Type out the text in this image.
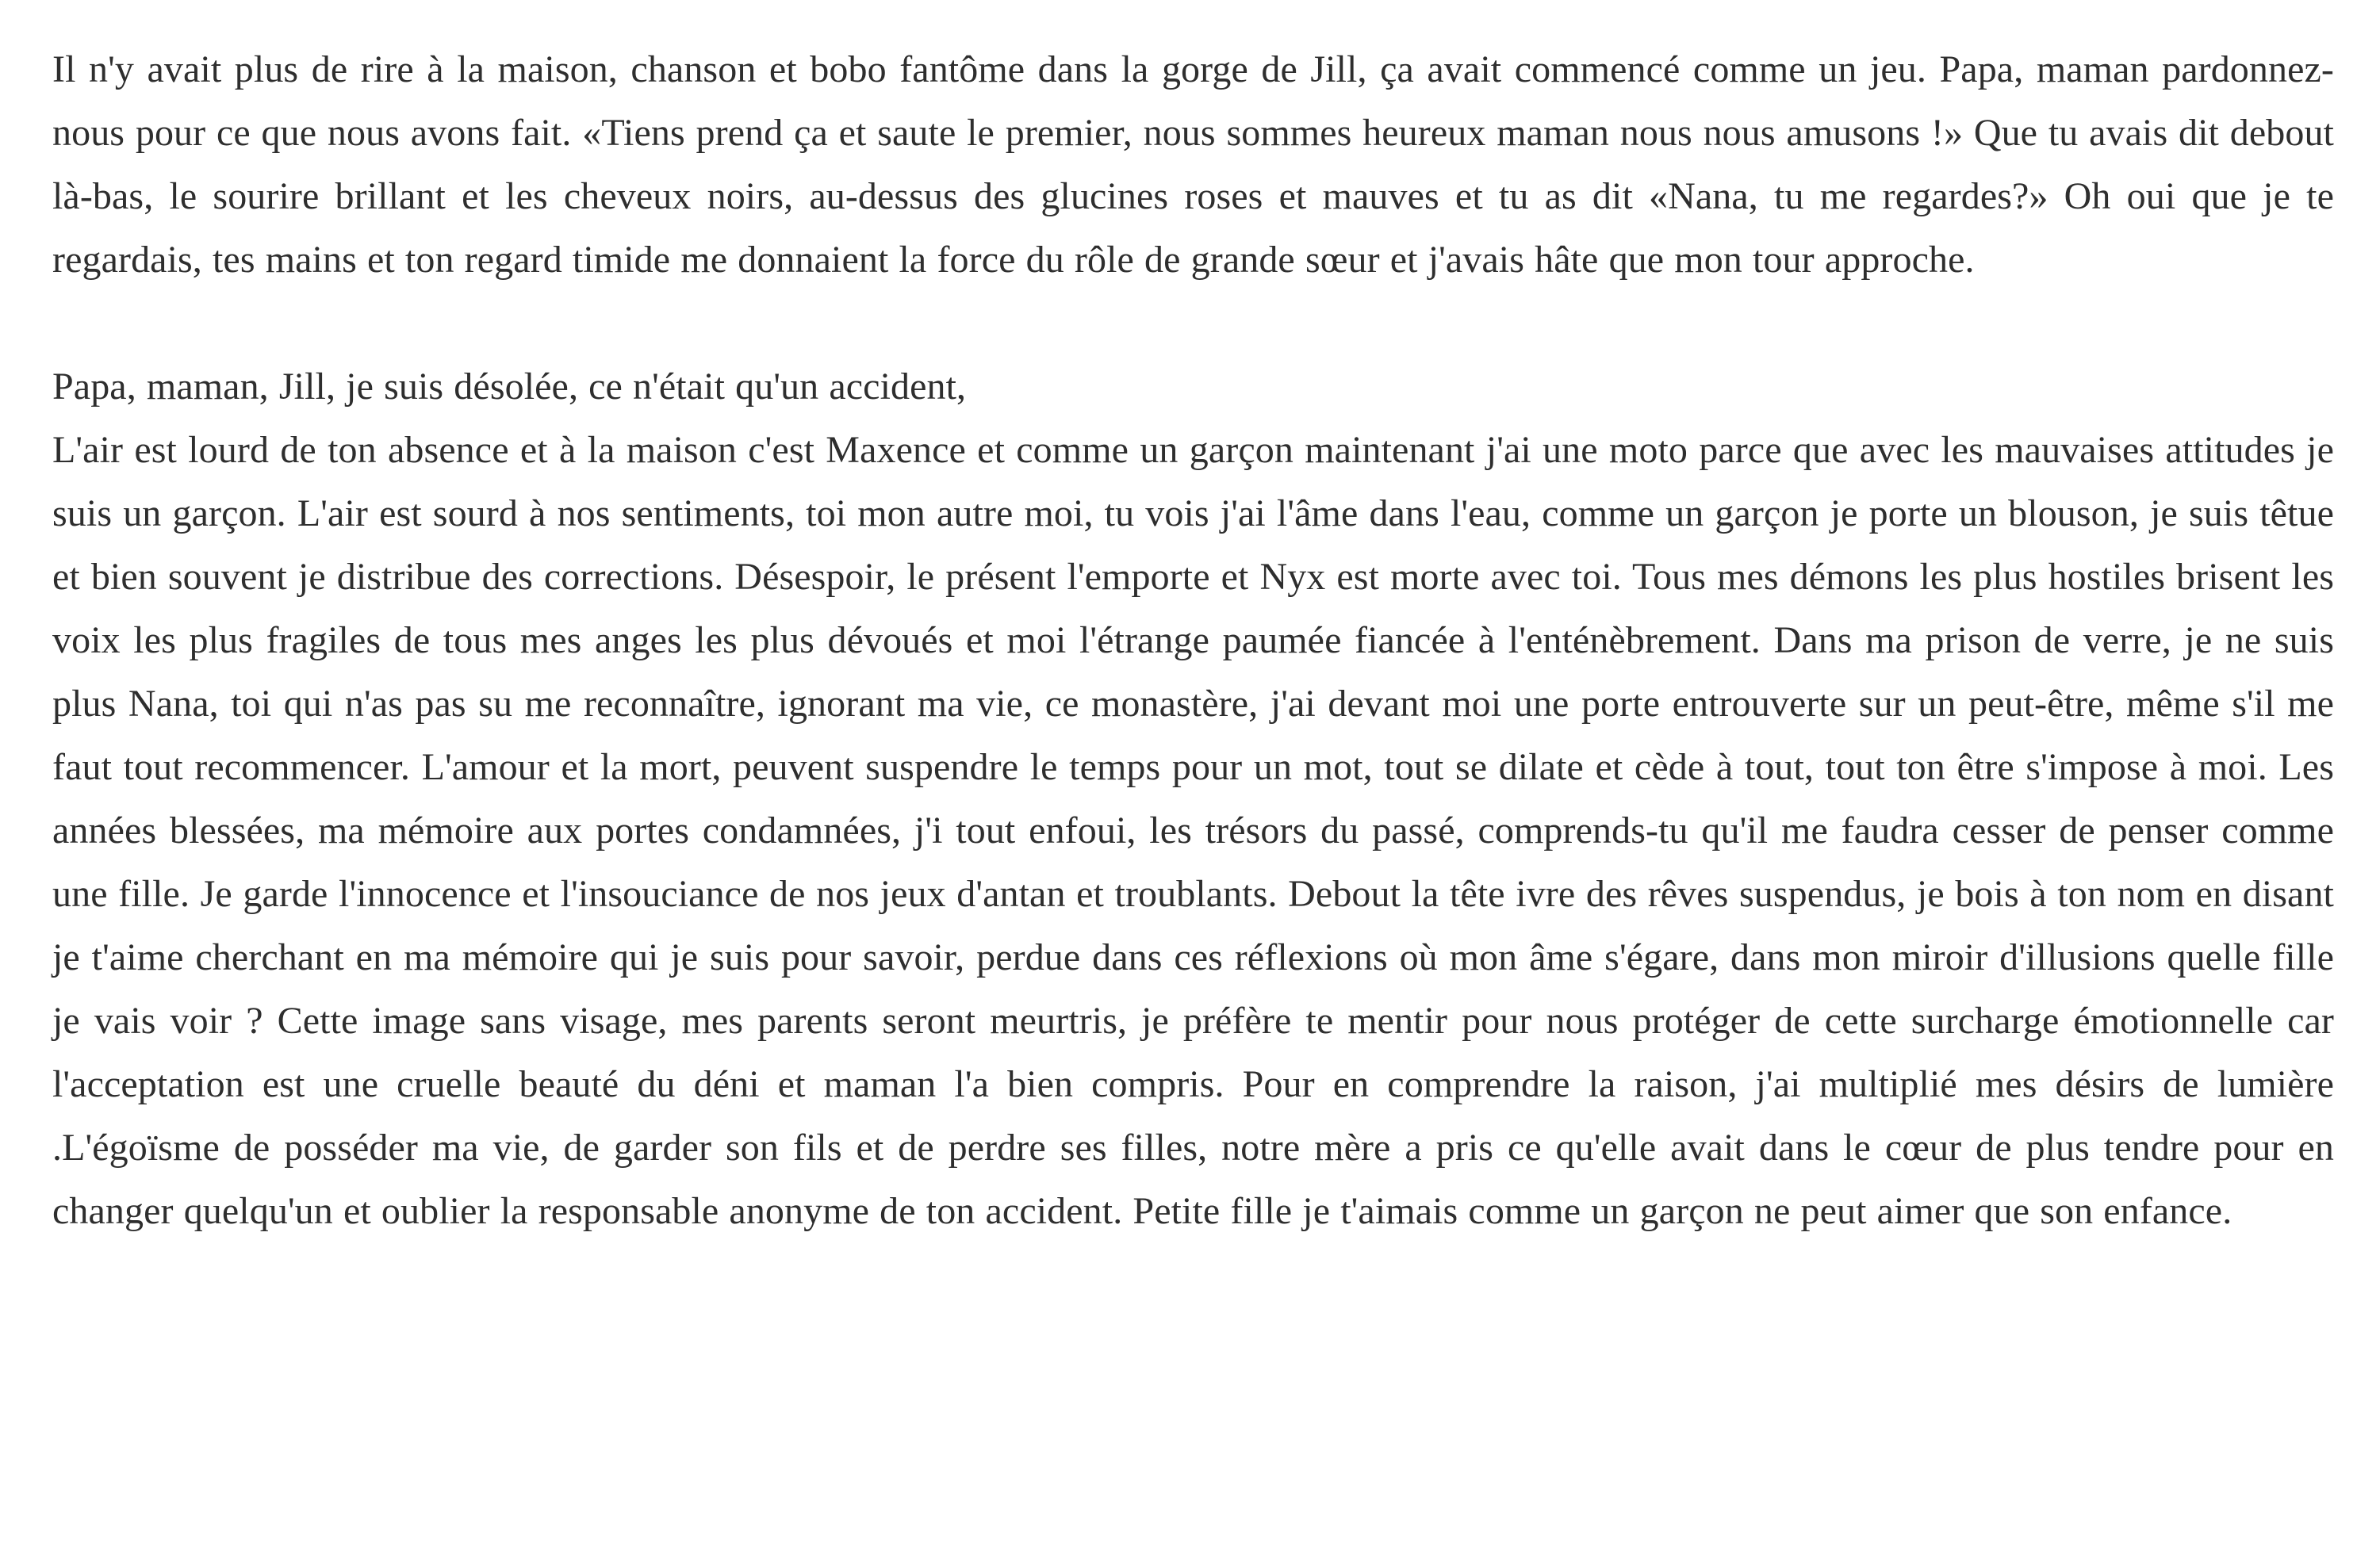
Il n'y avait plus de rire à la maison, chanson et bobo fantôme dans la gorge de Jill, ça avait commencé comme un jeu. Papa, maman pardonnez-nous pour ce que nous avons fait. «Tiens prend ça et saute le premier, nous sommes heureux maman nous nous amusons !» Que tu avais dit debout là-bas, le sourire brillant et les cheveux noirs, au-dessus des glucines roses et mauves et tu as dit «Nana, tu me regardes?» Oh oui que je te regardais, tes mains et ton regard timide me donnaient la force du rôle de grande sœur et j'avais hâte que mon tour approche.

Papa, maman, Jill, je suis désolée, ce n'était qu'un accident,

L'air est lourd de ton absence et à la maison c'est Maxence et comme un garçon maintenant j'ai une moto parce que avec les mauvaises attitudes je suis un garçon. L'air est sourd à nos sentiments, toi mon autre moi, tu vois j'ai l'âme dans l'eau, comme un garçon je porte un blouson, je suis têtue et bien souvent je distribue des corrections. Désespoir, le présent l'emporte et Nyx est morte avec toi. Tous mes démons les plus hostiles brisent les voix les plus fragiles de tous mes anges les plus dévoués et moi l'étrange paumée fiancée à l'enténèbrement. Dans ma prison de verre, je ne suis plus Nana, toi qui n'as pas su me reconnaître, ignorant ma vie, ce monastère, j'ai devant moi une porte entrouverte sur un peut-être, même s'il me faut tout recommencer. L'amour et la mort, peuvent suspendre le temps pour un mot, tout se dilate et cède à tout, tout ton être s'impose à moi. Les années blessées, ma mémoire aux portes condamnées, j'i tout enfoui, les trésors du passé, comprends-tu qu'il me faudra cesser de penser comme une fille. Je garde l'innocence et l'insouciance de nos jeux d'antan et troublants. Debout la tête ivre des rêves suspendus, je bois à ton nom en disant je t'aime cherchant en ma mémoire qui je suis pour savoir, perdue dans ces réflexions où mon âme s'égare, dans mon miroir d'illusions quelle fille je vais voir ? Cette image sans visage, mes parents seront meurtris, je préfère te mentir pour nous protéger de cette surcharge émotionnelle car l'acceptation est une cruelle beauté du déni et maman l'a bien compris. Pour en comprendre la raison, j'ai multiplié mes désirs de lumière .L'égoïsme de posséder ma vie, de garder son fils et de perdre ses filles, notre mère a pris ce qu'elle avait dans le cœur de plus tendre pour en changer quelqu'un et oublier la responsable anonyme de ton accident. Petite fille je t'aimais comme un garçon ne peut aimer que son enfance.
